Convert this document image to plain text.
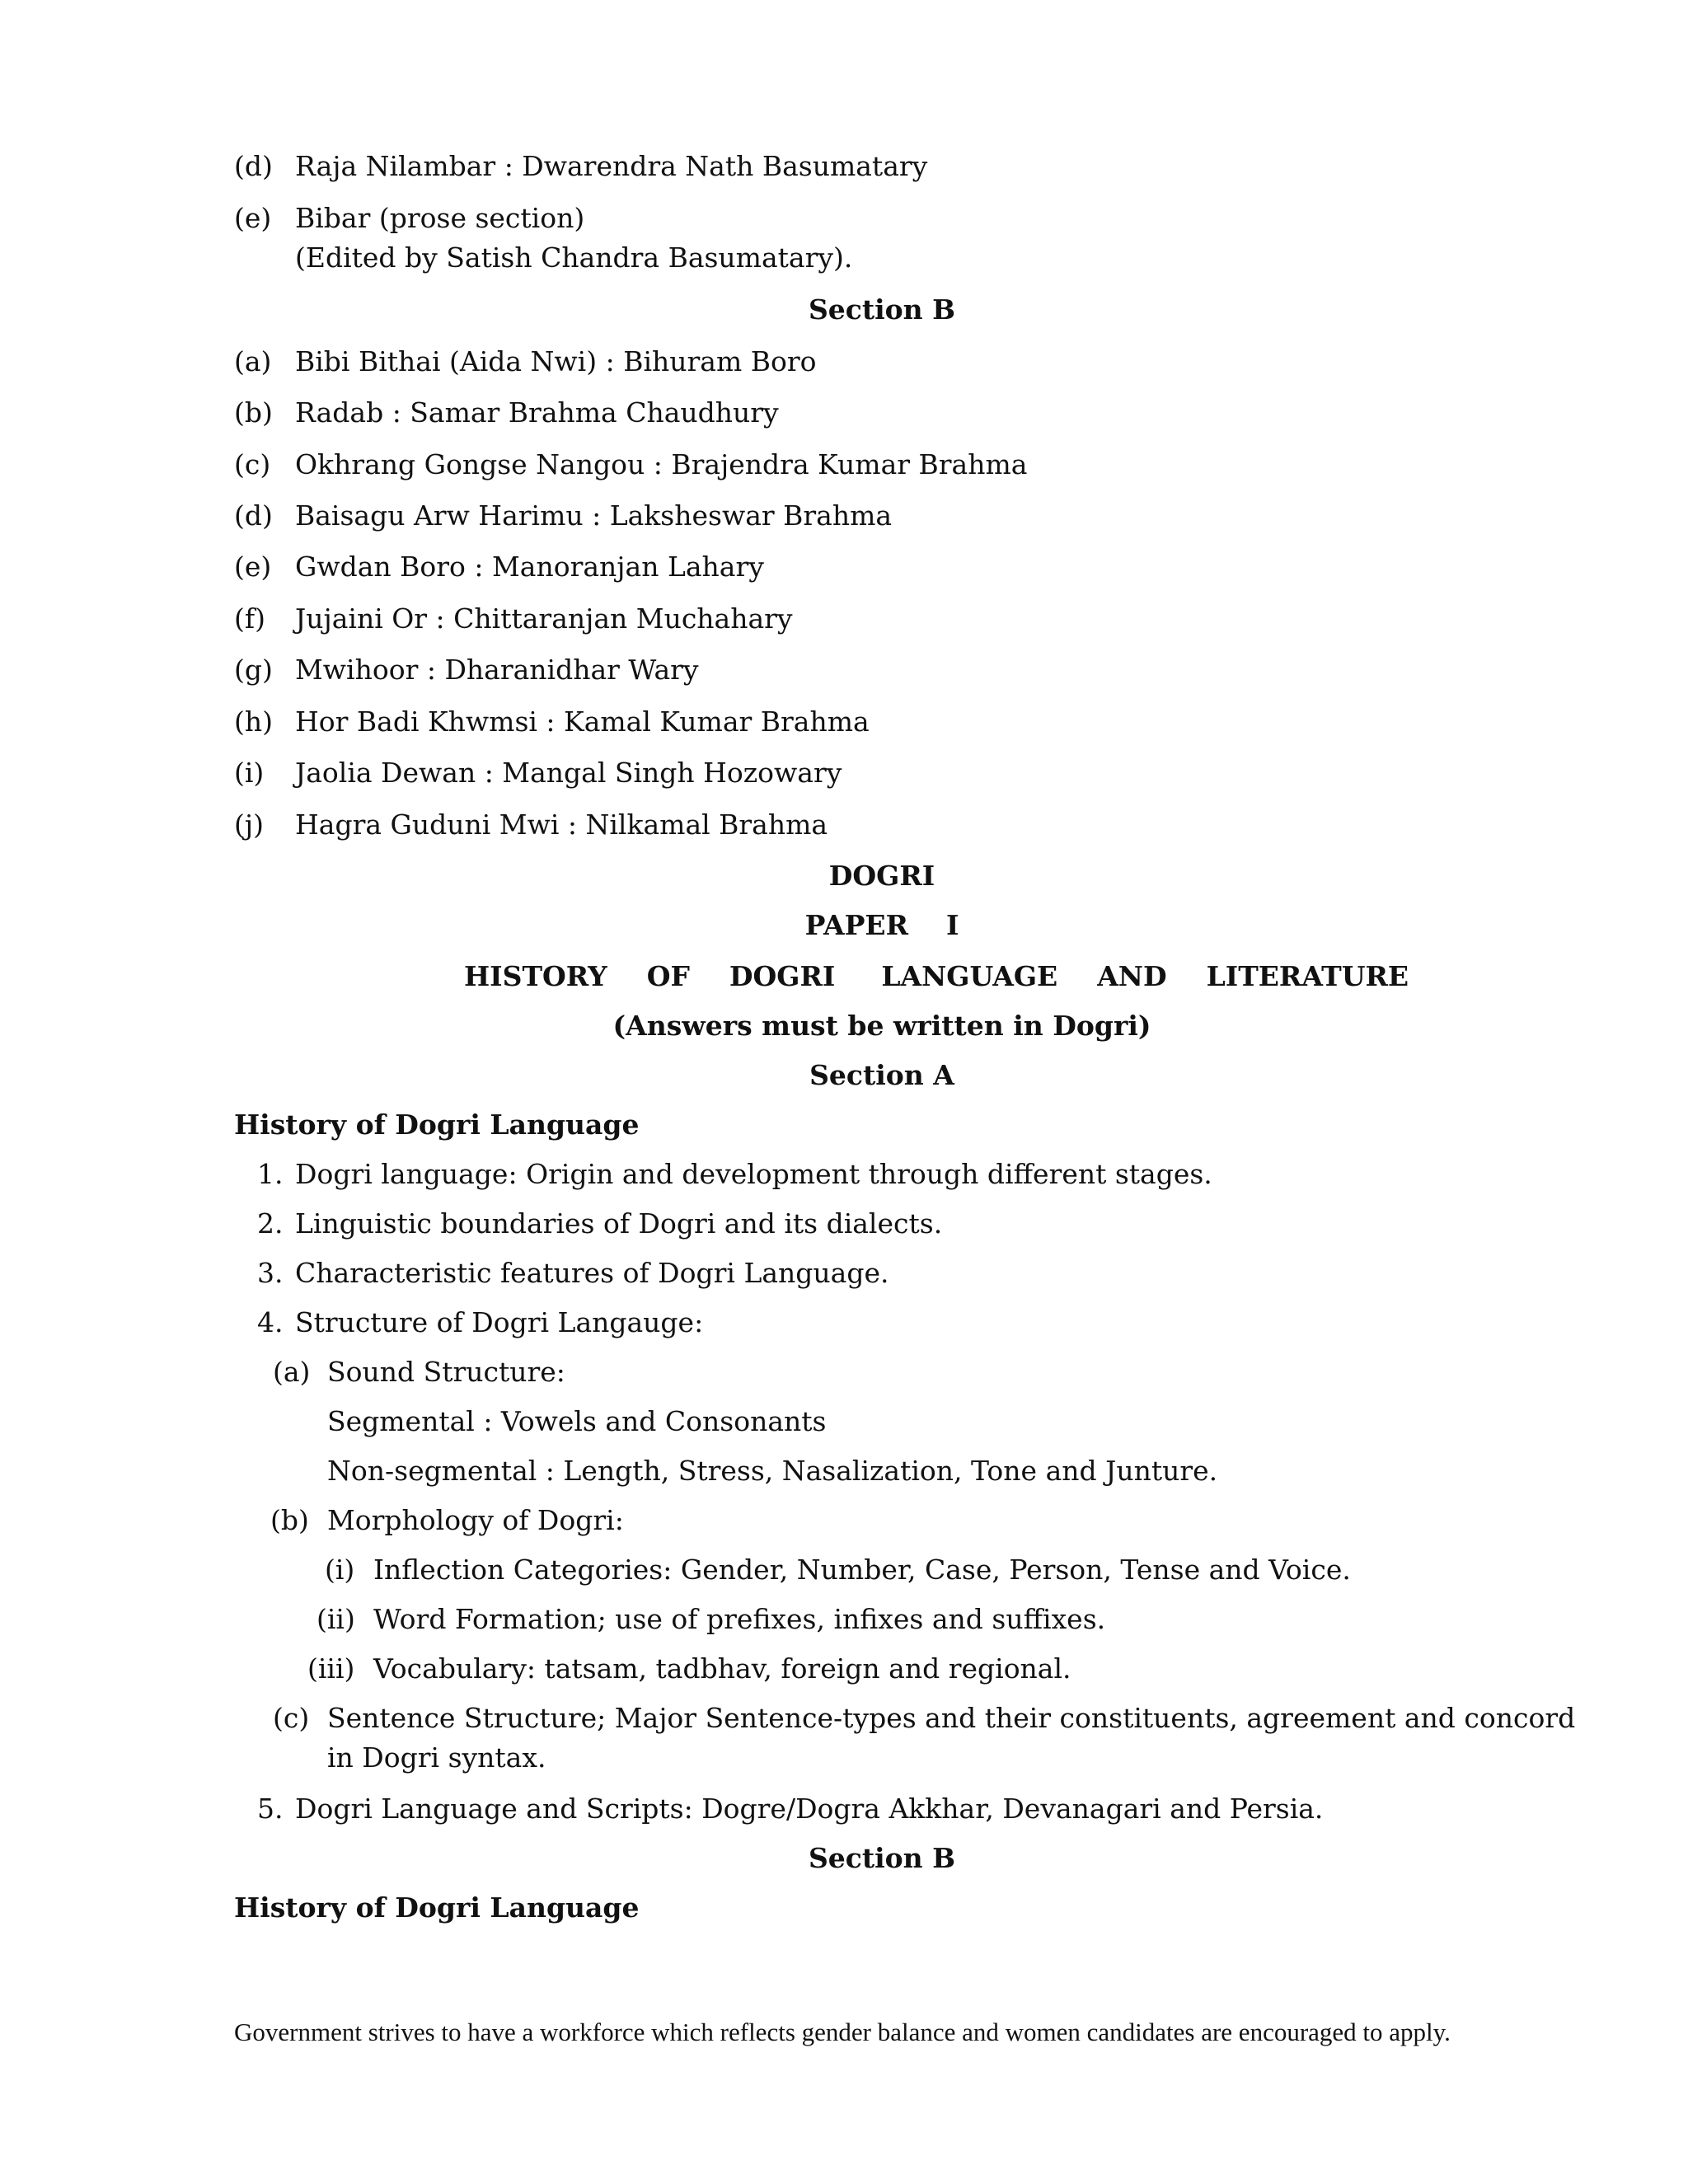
(d) Raja Nilambar : Dwarendra Nath Basumatary
(e) Bibar (prose section)
(Edited by Satish Chandra Basumatary).
Section B
(a) Bibi Bithai (Aida Nwi) : Bihuram Boro
(b) Radab : Samar Brahma Chaudhury
(c) Okhrang Gongse Nangou : Brajendra Kumar Brahma
(d) Baisagu Arw Harimu : Laksheswar Brahma
(e) Gwdan Boro : Manoranjan Lahary
(f) Jujaini Or : Chittaranjan Muchahary
(g) Mwihoor : Dharanidhar Wary
(h) Hor Badi Khwmsi : Kamal Kumar Brahma
(i) Jaolia Dewan : Mangal Singh Hozowary
(j) Hagra Guduni Mwi : Nilkamal Brahma
DOGRI
PAPER    I
HISTORY OF DOGRI LANGUAGE AND LITERATURE
(Answers must be written in Dogri)
Section A
History of Dogri Language
1. Dogri language: Origin and development through different stages.
2. Linguistic boundaries of Dogri and its dialects.
3. Characteristic features of Dogri Language.
4. Structure of Dogri Langauge:
(a) Sound Structure:
Segmental : Vowels and Consonants
Non-segmental : Length, Stress, Nasalization, Tone and Junture.
(b) Morphology of Dogri:
(i) Inflection Categories: Gender, Number, Case, Person, Tense and Voice.
(ii) Word Formation; use of prefixes, infixes and suffixes.
(iii) Vocabulary: tatsam, tadbhav, foreign and regional.
(c) Sentence Structure; Major Sentence-types and their constituents, agreement and concord
in Dogri syntax.
5. Dogri Language and Scripts: Dogre/Dogra Akkhar, Devanagari and Persia.
Section B
History of Dogri Language
Government strives to have a workforce which reflects gender balance and women candidates are encouraged to apply.
